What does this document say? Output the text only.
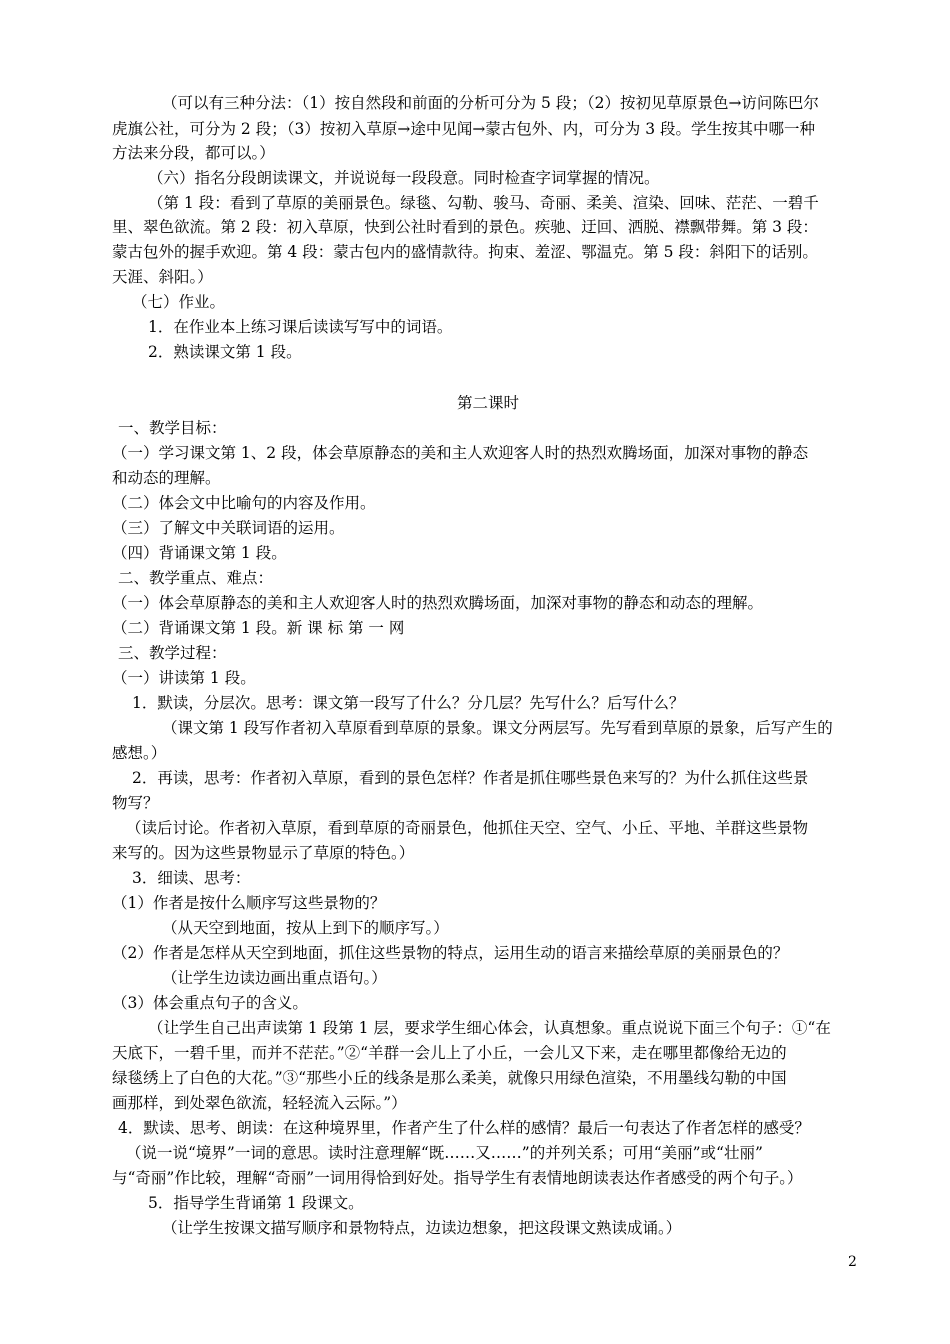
（可以有三种分法：（1）按自然段和前面的分析可分为 5 段；（2）按初见草原景色→访问陈巴尔
虎旗公社，可分为 2 段；（3）按初入草原→途中见闻→蒙古包外、内，可分为 3 段。学生按其中哪一种
方法来分段，都可以。）
（六）指名分段朗读课文，并说说每一段段意。同时检查字词掌握的情况。
（第 1 段：看到了草原的美丽景色。绿毯、勾勒、骏马、奇丽、柔美、渲染、回味、茫茫、一碧千
里、翠色欲流。第 2 段：初入草原，快到公社时看到的景色。疾驰、迂回、洒脱、襟飘带舞。第 3 段：
蒙古包外的握手欢迎。第 4 段：蒙古包内的盛情款待。拘束、羞涩、鄂温克。第 5 段：斜阳下的话别。
天涯、斜阳。）
（七）作业。
1．在作业本上练习课后读读写写中的词语。
2．熟读课文第 1 段。
第二课时
一、教学目标：
（一）学习课文第 1、2 段，体会草原静态的美和主人欢迎客人时的热烈欢腾场面，加深对事物的静态
和动态的理解。
（二）体会文中比喻句的内容及作用。
（三）了解文中关联词语的运用。
（四）背诵课文第 1 段。
二、教学重点、难点：
（一）体会草原静态的美和主人欢迎客人时的热烈欢腾场面，加深对事物的静态和动态的理解。
（二）背诵课文第 1 段。新 课 标 第 一 网
三、教学过程：
（一）讲读第 1 段。
1．默读，分层次。思考：课文第一段写了什么？分几层？先写什么？后写什么？
（课文第 1 段写作者初入草原看到草原的景象。课文分两层写。先写看到草原的景象，后写产生的
感想。）
2．再读，思考：作者初入草原，看到的景色怎样？作者是抓住哪些景色来写的？为什么抓住这些景
物写？
（读后讨论。作者初入草原，看到草原的奇丽景色，他抓住天空、空气、小丘、平地、羊群这些景物
来写的。因为这些景物显示了草原的特色。）
3．细读、思考：
（1）作者是按什么顺序写这些景物的？
（从天空到地面，按从上到下的顺序写。）
（2）作者是怎样从天空到地面，抓住这些景物的特点，运用生动的语言来描绘草原的美丽景色的？
（让学生边读边画出重点语句。）
（3）体会重点句子的含义。
（让学生自己出声读第 1 段第 1 层，要求学生细心体会，认真想象。重点说说下面三个句子：①“在
天底下，一碧千里，而并不茫茫。”②“羊群一会儿上了小丘，一会儿又下来，走在哪里都像给无边的
绿毯绣上了白色的大花。”③“那些小丘的线条是那么柔美，就像只用绿色渲染，不用墨线勾勒的中国
画那样，到处翠色欲流，轻轻流入云际。”）
4．默读、思考、朗读：在这种境界里，作者产生了什么样的感情？最后一句表达了作者怎样的感受？
（说一说“境界”一词的意思。读时注意理解“既……又……”的并列关系；可用“美丽”或“壮丽”
与“奇丽”作比较，理解“奇丽”一词用得恰到好处。指导学生有表情地朗读表达作者感受的两个句子。）
5．指导学生背诵第 1 段课文。
（让学生按课文描写顺序和景物特点，边读边想象，把这段课文熟读成诵。）
2
